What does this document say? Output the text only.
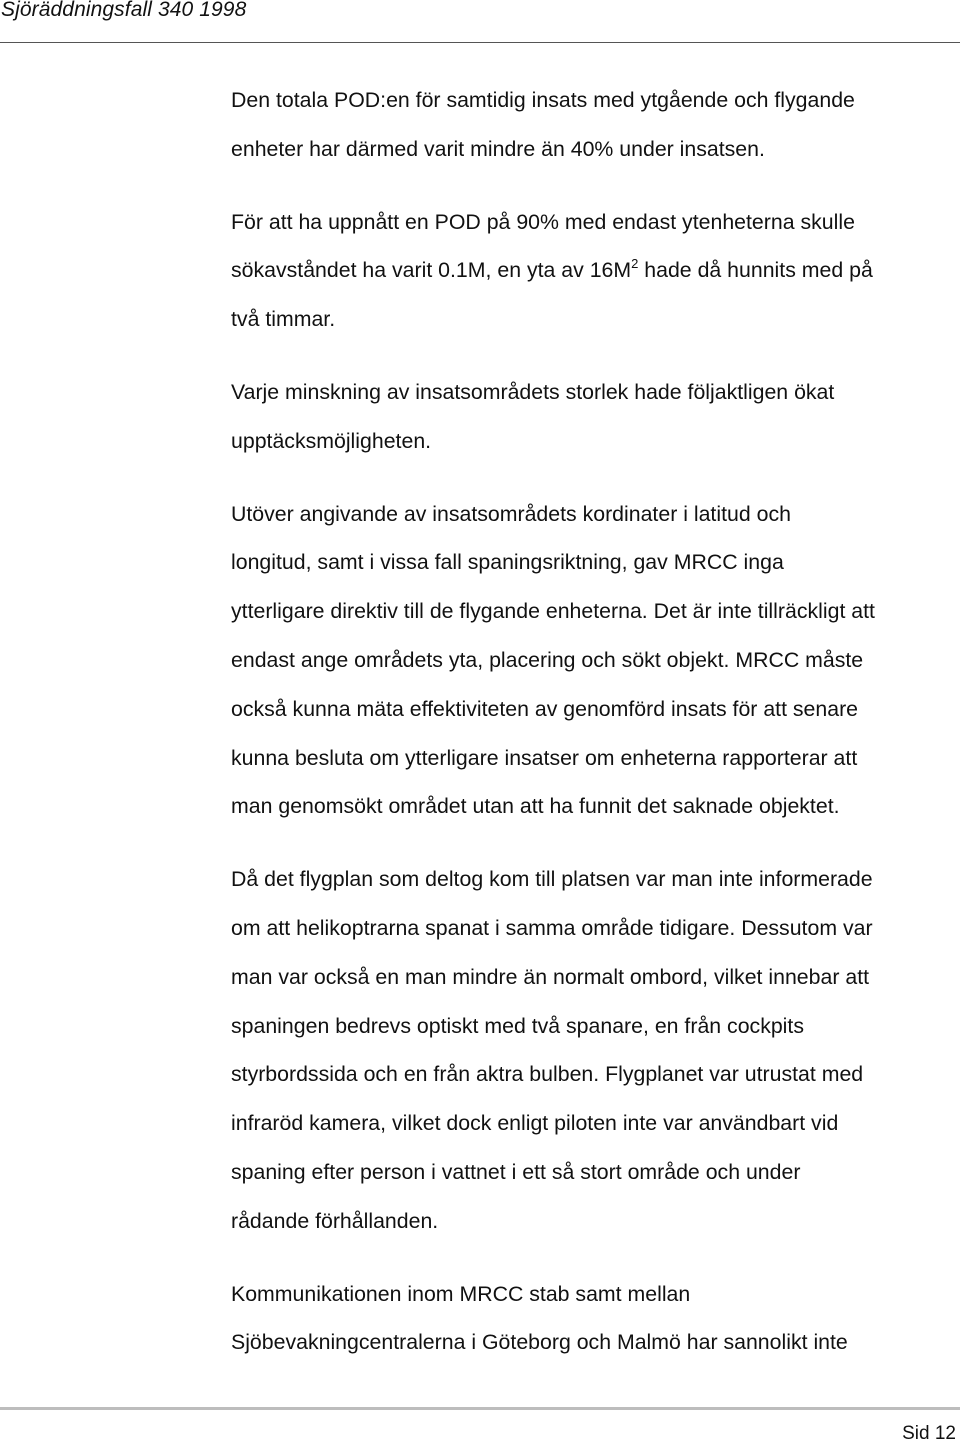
Sjöräddningsfall 340 1998

Den totala POD:en för samtidig insats med ytgående och flygande
enheter har därmed varit mindre än 40% under insatsen.

För att ha uppnått en POD på 90% med endast ytenheterna skulle
sökavståndet ha varit 0.1M, en yta av $16M^2$ hade då hunnits med på
två timmar.

Varje minskning av insatsområdets storlek hade följaktligen ökat
upptäcksmöjligheten.

Utöver angivande av insatsområdets kordinater i latitud och
longitud, samt i vissa fall spaningsriktning, gav MRCC inga
ytterligare direktiv till de flygande enheterna. Det är inte tillräckligt att
endast ange områdets yta, placering och sökt objekt. MRCC måste
också kunna mäta effektiviteten av genomförd insats för att senare
kunna besluta om ytterligare insatser om enheterna rapporterar att
man genomsökt området utan att ha funnit det saknade objektet.

Då det flygplan som deltog kom till platsen var man inte informerade
om att helikoptrarna spanat i samma område tidigare. Dessutom var
man var också en man mindre än normalt ombord, vilket innebar att
spaningen bedrevs optiskt med två spanare, en från cockpits
styrbordssida och en från aktra bulben. Flygplanet var utrustat med
infraröd kamera, vilket dock enligt piloten inte var användbart vid
spaning efter person i vattnet i ett så stort område och under
rådande förhållanden.

Kommunikationen inom MRCC stab samt mellan
Sjöbevakningcentralerna i Göteborg och Malmö har sannolikt inte

Sid 12
